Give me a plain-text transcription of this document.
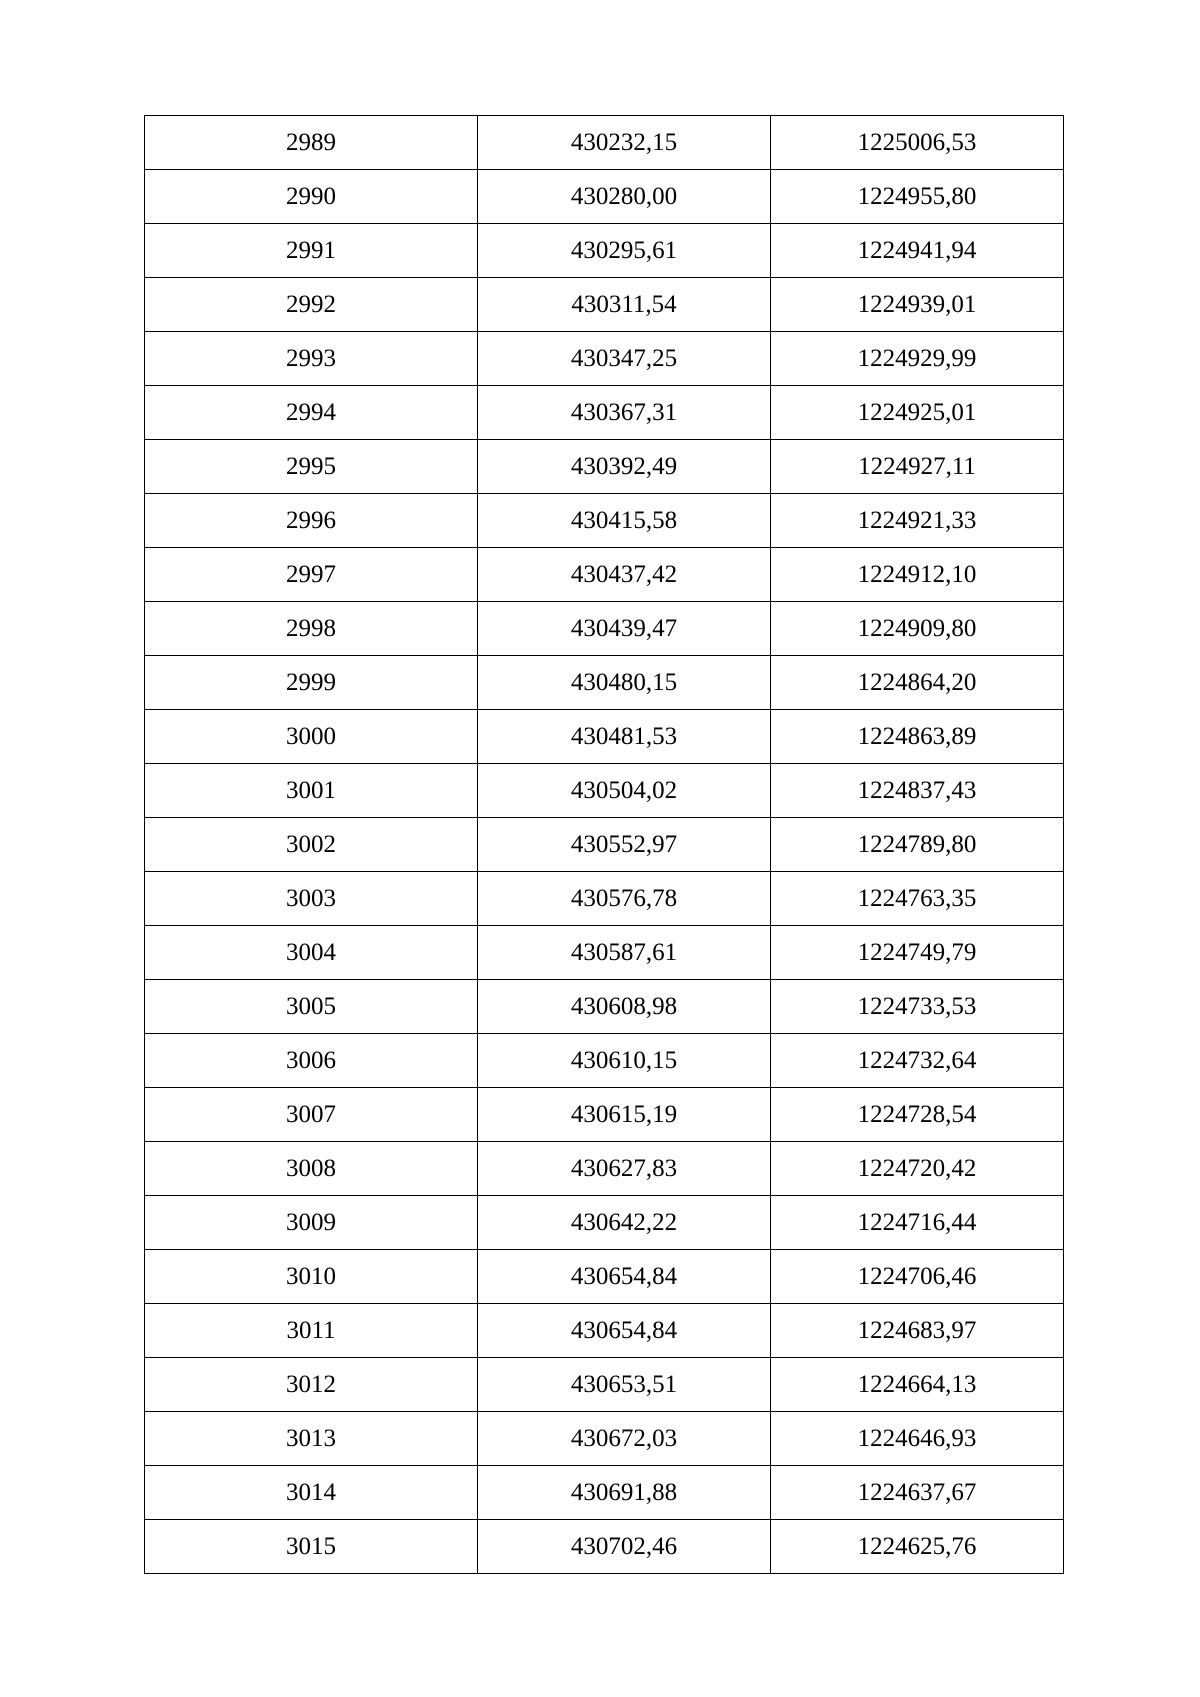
2989	430232,15	1225006,53
2990	430280,00	1224955,80
2991	430295,61	1224941,94
2992	430311,54	1224939,01
2993	430347,25	1224929,99
2994	430367,31	1224925,01
2995	430392,49	1224927,11
2996	430415,58	1224921,33
2997	430437,42	1224912,10
2998	430439,47	1224909,80
2999	430480,15	1224864,20
3000	430481,53	1224863,89
3001	430504,02	1224837,43
3002	430552,97	1224789,80
3003	430576,78	1224763,35
3004	430587,61	1224749,79
3005	430608,98	1224733,53
3006	430610,15	1224732,64
3007	430615,19	1224728,54
3008	430627,83	1224720,42
3009	430642,22	1224716,44
3010	430654,84	1224706,46
3011	430654,84	1224683,97
3012	430653,51	1224664,13
3013	430672,03	1224646,93
3014	430691,88	1224637,67
3015	430702,46	1224625,76
